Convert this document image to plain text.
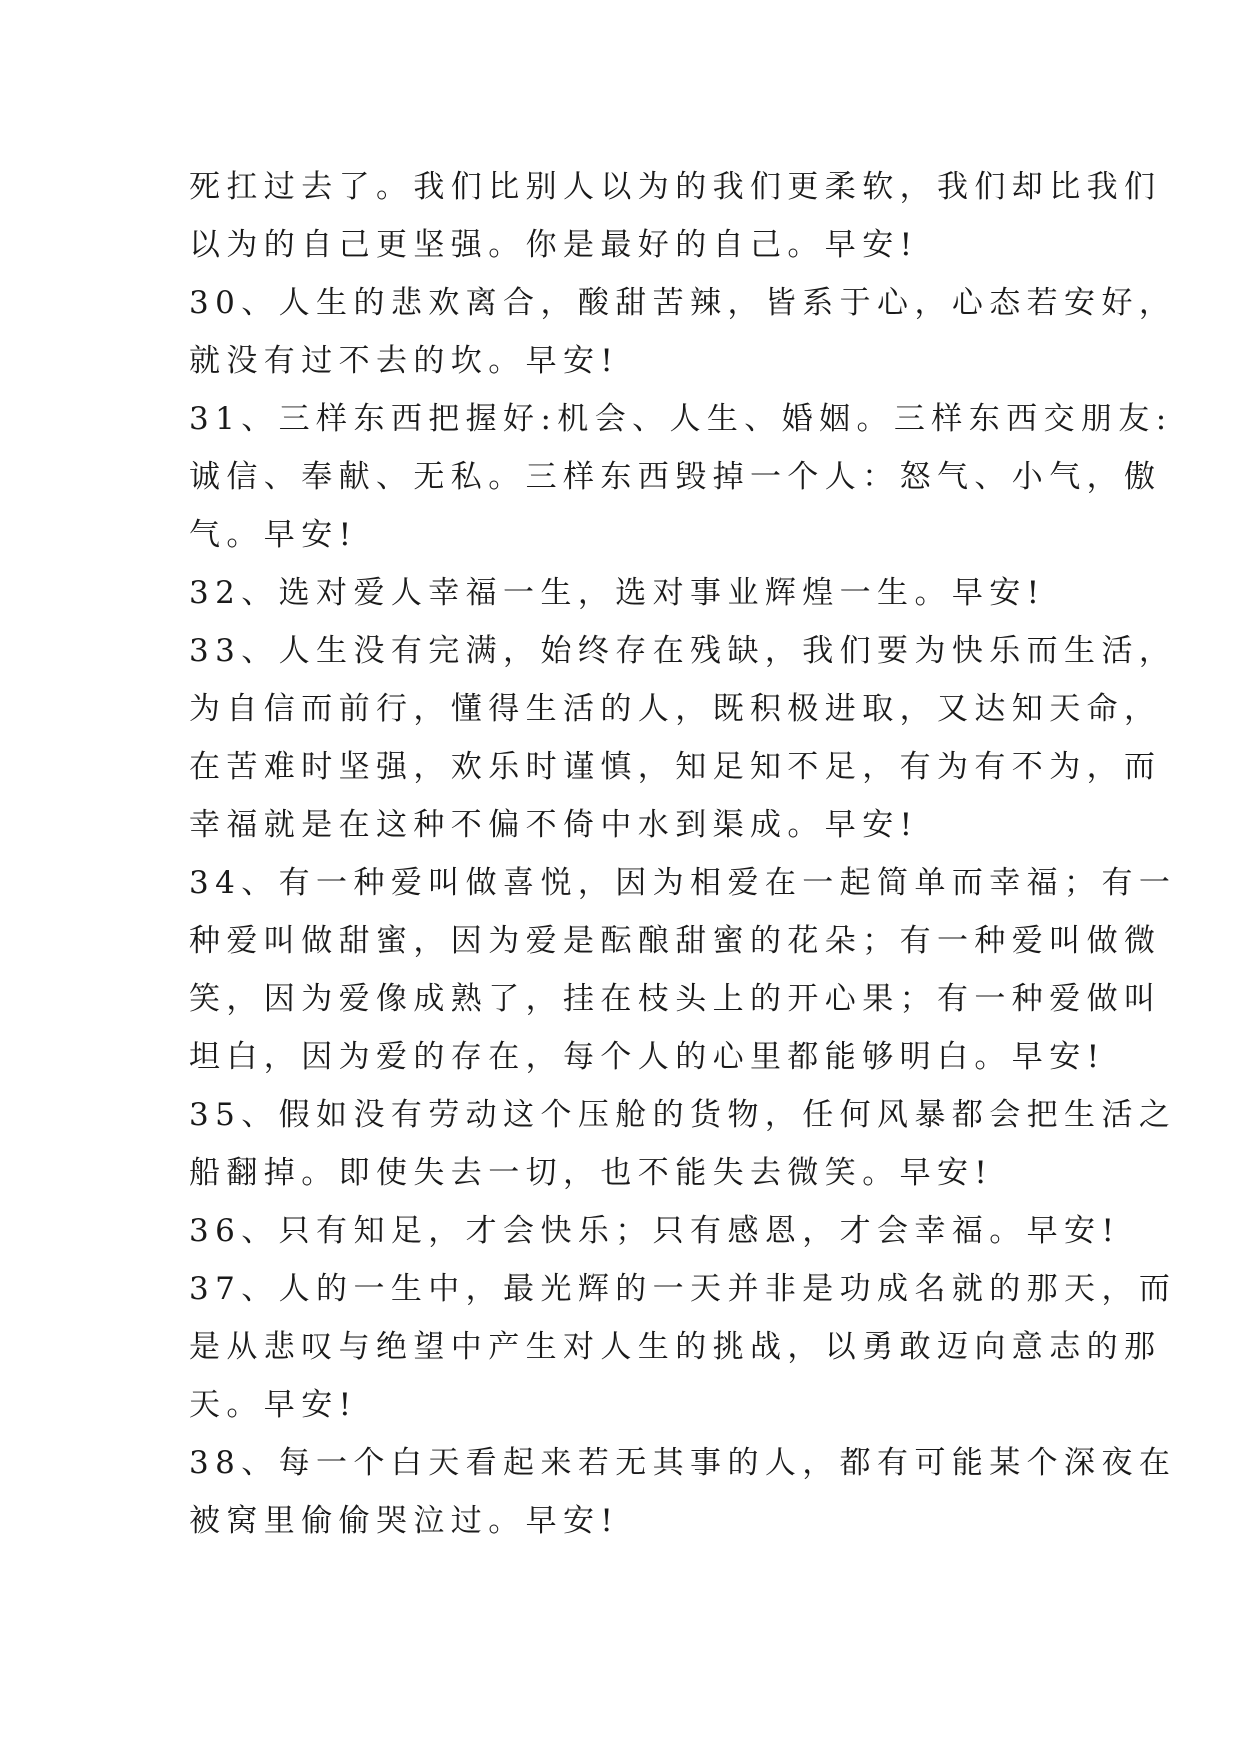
死扛过去了。我们比别人以为的我们更柔软，我们却比我们
以为的自己更坚强。你是最好的自己。早安!
30、人生的悲欢离合，酸甜苦辣，皆系于心，心态若安好，
就没有过不去的坎。早安!
31、三样东西把握好:机会、人生、婚姻。三样东西交朋友:
诚信、奉献、无私。三样东西毁掉一个人：怒气、小气，傲
气。早安!
32、选对爱人幸福一生，选对事业辉煌一生。早安!
33、人生没有完满，始终存在残缺，我们要为快乐而生活，
为自信而前行，懂得生活的人，既积极进取，又达知天命，
在苦难时坚强，欢乐时谨慎，知足知不足，有为有不为，而
幸福就是在这种不偏不倚中水到渠成。早安!
34、有一种爱叫做喜悦，因为相爱在一起简单而幸福；有一
种爱叫做甜蜜，因为爱是酝酿甜蜜的花朵；有一种爱叫做微
笑，因为爱像成熟了，挂在枝头上的开心果；有一种爱做叫
坦白，因为爱的存在，每个人的心里都能够明白。早安!
35、假如没有劳动这个压舱的货物，任何风暴都会把生活之
船翻掉。即使失去一切，也不能失去微笑。早安!
36、只有知足，才会快乐；只有感恩，才会幸福。早安!
37、人的一生中，最光辉的一天并非是功成名就的那天，而
是从悲叹与绝望中产生对人生的挑战，以勇敢迈向意志的那
天。早安!
38、每一个白天看起来若无其事的人，都有可能某个深夜在
被窝里偷偷哭泣过。早安!
